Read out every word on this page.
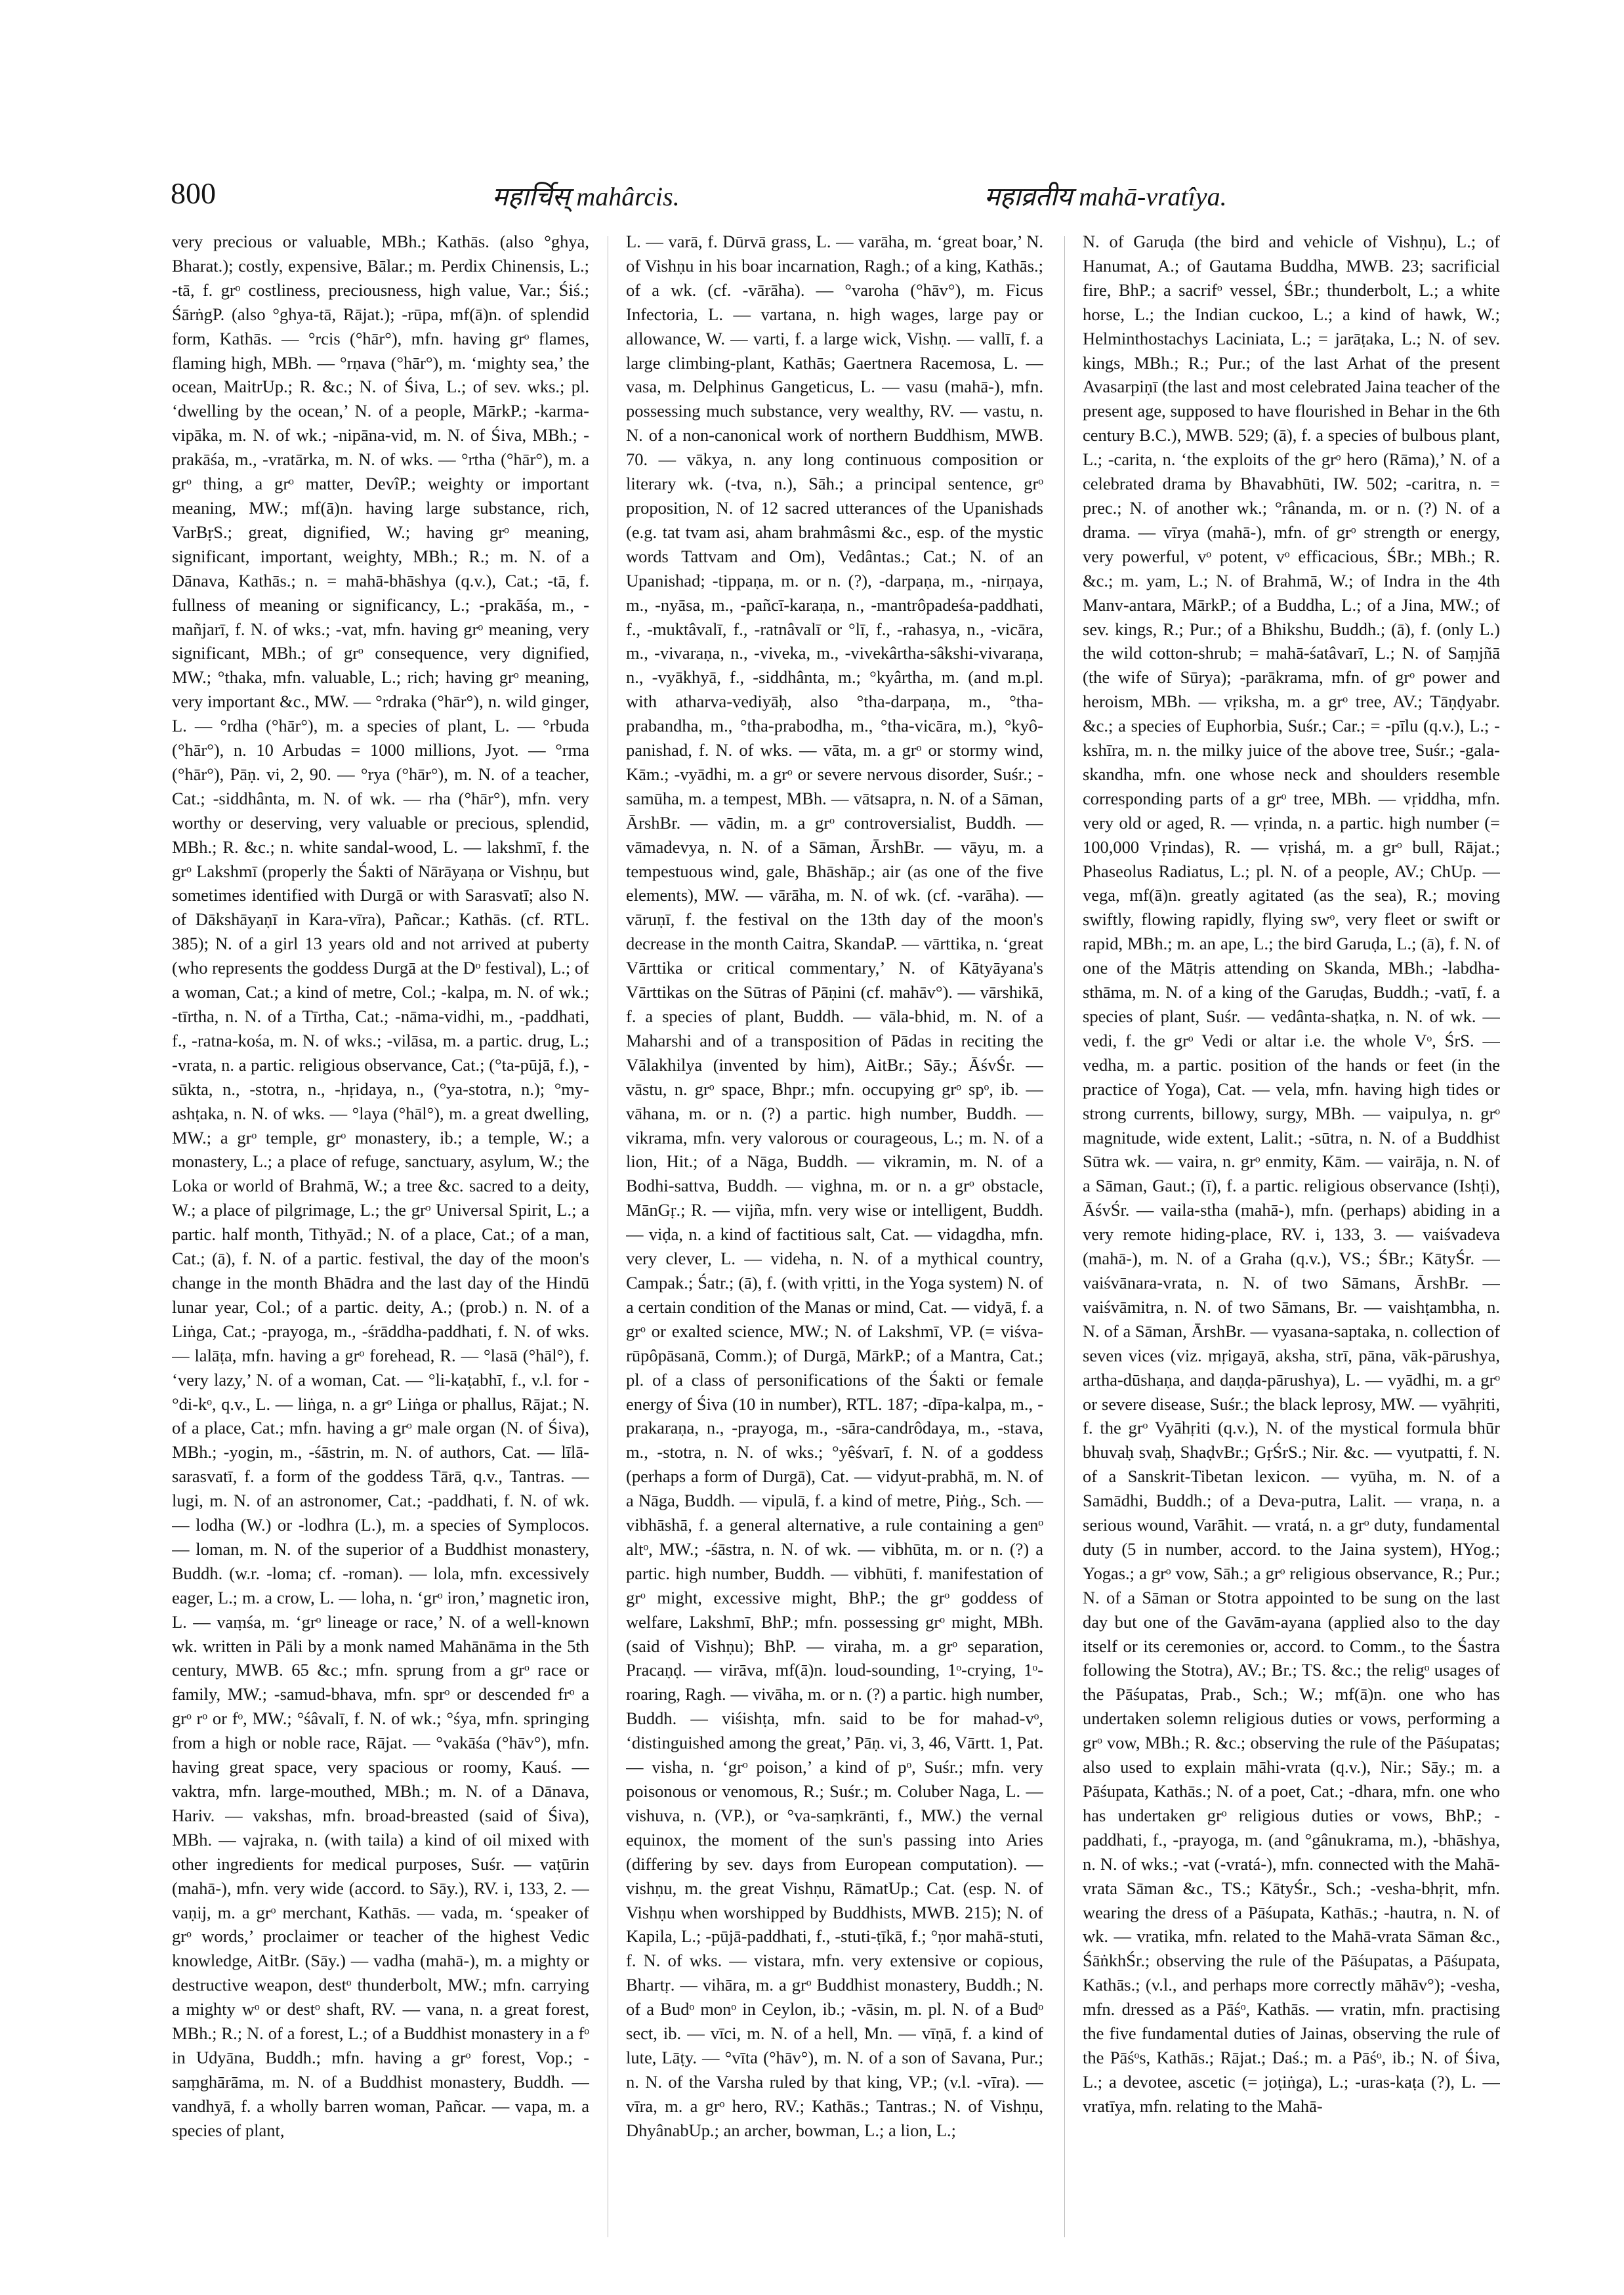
800	महार्चिस् mahârcis.	महाव्रतीय mahā-vratîya.

very precious or valuable, MBh.; Kathās. (also °ghya, Bharat.); costly, expensive, Bālar.; m. Perdix Chinensis, L.; -tā, f. grᵒ costliness, preciousness, high value, Var.; Śiś.; ŚārṅgP. (also °ghya-tā, Rājat.); -rūpa, mf(ā)n. of splendid form, Kathās. — °rcis (°hār°), mfn. having grᵒ flames, flaming high, MBh. — °rṇava (°hār°), m. ‘mighty sea,’ the ocean, MaitrUp.; R. &c.; N. of Śiva, L.; of sev. wks.; pl. ‘dwelling by the ocean,’ N. of a people, MārkP.; -karma-vipāka, m. N. of wk.; -nipāna-vid, m. N. of Śiva, MBh.; -prakāśa, m., -vratārka, m. N. of wks. — °rtha (°hār°), m. a grᵒ thing, a grᵒ matter, DevîP.; weighty or important meaning, MW.; mf(ā)n. having large substance, rich, VarBṛS.; great, dignified, W.; having grᵒ meaning, significant, important, weighty, MBh.; R.; m. N. of a Dānava, Kathās.; n. = mahā-bhāshya (q.v.), Cat.; -tā, f. fullness of meaning or significancy, L.; -prakāśa, m., -mañjarī, f. N. of wks.; -vat, mfn. having grᵒ meaning, very significant, MBh.; of grᵒ consequence, very dignified, MW.; °thaka, mfn. valuable, L.; rich; having grᵒ meaning, very important &c., MW. — °rdraka (°hār°), n. wild ginger, L. — °rdha (°hār°), m. a species of plant, L. — °rbuda (°hār°), n. 10 Arbudas = 1000 millions, Jyot. — °rma (°hār°), Pāṇ. vi, 2, 90. — °rya (°hār°), m. N. of a teacher, Cat.; -siddhânta, m. N. of wk. — rha (°hār°), mfn. very worthy or deserving, very valuable or precious, splendid, MBh.; R. &c.; n. white sandal-wood, L. — lakshmī, f. the grᵒ Lakshmī (properly the Śakti of Nārāyaṇa or Vishṇu, but sometimes identified with Durgā or with Sarasvatī; also N. of Dākshāyaṇī in Kara-vīra), Pañcar.; Kathās. (cf. RTL. 385); N. of a girl 13 years old and not arrived at puberty (who represents the goddess Durgā at the Dᵒ festival), L.; of a woman, Cat.; a kind of metre, Col.; -kalpa, m. N. of wk.; -tīrtha, n. N. of a Tīrtha, Cat.; -nāma-vidhi, m., -paddhati, f., -ratna-kośa, m. N. of wks.; -vilāsa, m. a partic. drug, L.; -vrata, n. a partic. religious observance, Cat.; (°ta-pūjā, f.), -sūkta, n., -stotra, n., -hṛidaya, n., (°ya-stotra, n.); °my-ashṭaka, n. N. of wks. — °laya (°hāl°), m. a great dwelling, MW.; a grᵒ temple, grᵒ monastery, ib.; a temple, W.; a monastery, L.; a place of refuge, sanctuary, asylum, W.; the Loka or world of Brahmā, W.; a tree &c. sacred to a deity, W.; a place of pilgrimage, L.; the grᵒ Universal Spirit, L.; a partic. half month, Tithyād.; N. of a place, Cat.; of a man, Cat.; (ā), f. N. of a partic. festival, the day of the moon's change in the month Bhādra and the last day of the Hindū lunar year, Col.; of a partic. deity, A.; (prob.) n. N. of a Liṅga, Cat.; -prayoga, m., -śrāddha-paddhati, f. N. of wks. — lalāṭa, mfn. having a grᵒ forehead, R. — °lasā (°hāl°), f. ‘very lazy,’ N. of a woman, Cat. — °li-kaṭabhī, f., v.l. for -°di-kᵒ, q.v., L. — liṅga, n. a grᵒ Liṅga or phallus, Rājat.; N. of a place, Cat.; mfn. having a grᵒ male organ (N. of Śiva), MBh.; -yogin, m., -śāstrin, m. N. of authors, Cat. — līlā-sarasvatī, f. a form of the goddess Tārā, q.v., Tantras. — lugi, m. N. of an astronomer, Cat.; -paddhati, f. N. of wk. — lodha (W.) or -lodhra (L.), m. a species of Symplocos. — loman, m. N. of the superior of a Buddhist monastery, Buddh. (w.r. -loma; cf. -roman). — lola, mfn. excessively eager, L.; m. a crow, L. — loha, n. ‘grᵒ iron,’ magnetic iron, L. — vaṃśa, m. ‘grᵒ lineage or race,’ N. of a well-known wk. written in Pāli by a monk named Mahānāma in the 5th century, MWB. 65 &c.; mfn. sprung from a grᵒ race or family, MW.; -samud-bhava, mfn. sprᵒ or descended frᵒ a grᵒ rᵒ or fᵒ, MW.; °śâvalī, f. N. of wk.; °śya, mfn. springing from a high or noble race, Rājat. — °vakāśa (°hāv°), mfn. having great space, very spacious or roomy, Kauś. — vaktra, mfn. large-mouthed, MBh.; m. N. of a Dānava, Hariv. — vakshas, mfn. broad-breasted (said of Śiva), MBh. — vajraka, n. (with taila) a kind of oil mixed with other ingredients for medical purposes, Suśr. — vaṭūrin (mahā-), mfn. very wide (accord. to Sāy.), RV. i, 133, 2. — vaṇij, m. a grᵒ merchant, Kathās. — vada, m. ‘speaker of grᵒ words,’ proclaimer or teacher of the highest Vedic knowledge, AitBr. (Sāy.) — vadha (mahā-), m. a mighty or destructive weapon, destᵒ thunderbolt, MW.; mfn. carrying a mighty wᵒ or destᵒ shaft, RV. — vana, n. a great forest, MBh.; R.; N. of a forest, L.; of a Buddhist monastery in a fᵒ in Udyāna, Buddh.; mfn. having a grᵒ forest, Vop.; -saṃghārāma, m. N. of a Buddhist monastery, Buddh. — vandhyā, f. a wholly barren woman, Pañcar. — vapa, m. a species of plant,

L. — varā, f. Dūrvā grass, L. — varāha, m. ‘great boar,’ N. of Vishṇu in his boar incarnation, Ragh.; of a king, Kathās.; of a wk. (cf. -vārāha). — °varoha (°hāv°), m. Ficus Infectoria, L. — vartana, n. high wages, large pay or allowance, W. — varti, f. a large wick, Vishṇ. — vallī, f. a large climbing-plant, Kathās; Gaertnera Racemosa, L. — vasa, m. Delphinus Gangeticus, L. — vasu (mahā-), mfn. possessing much substance, very wealthy, RV. — vastu, n. N. of a non-canonical work of northern Buddhism, MWB. 70. — vākya, n. any long continuous composition or literary wk. (-tva, n.), Sāh.; a principal sentence, grᵒ proposition, N. of 12 sacred utterances of the Upanishads (e.g. tat tvam asi, aham brahmâsmi &c., esp. of the mystic words Tattvam and Om), Vedântas.; Cat.; N. of an Upanishad; -tippaṇa, m. or n. (?), -darpaṇa, m., -nirṇaya, m., -nyāsa, m., -pañcī-karaṇa, n., -mantrôpadeśa-paddhati, f., -muktâvalī, f., -ratnâvalī or °lī, f., -rahasya, n., -vicāra, m., -vivaraṇa, n., -viveka, m., -vivekârtha-sâkshi-vivaraṇa, n., -vyākhyā, f., -siddhânta, m.; °kyârtha, m. (and m.pl. with atharva-vediyāḥ, also °tha-darpaṇa, m., °tha-prabandha, m., °tha-prabodha, m., °tha-vicāra, m.), °kyô-panishad, f. N. of wks. — vāta, m. a grᵒ or stormy wind, Kām.; -vyādhi, m. a grᵒ or severe nervous disorder, Suśr.; -samūha, m. a tempest, MBh. — vātsapra, n. N. of a Sāman, ĀrshBr. — vādin, m. a grᵒ controversialist, Buddh. — vāmadevya, n. N. of a Sāman, ĀrshBr. — vāyu, m. a tempestuous wind, gale, Bhāshāp.; air (as one of the five elements), MW. — vārāha, m. N. of wk. (cf. -varāha). — vāruṇī, f. the festival on the 13th day of the moon's decrease in the month Caitra, SkandaP. — vārttika, n. ‘great Vārttika or critical commentary,’ N. of Kātyāyana's Vārttikas on the Sūtras of Pāṇini (cf. mahāv°). — vārshikā, f. a species of plant, Buddh. — vāla-bhid, m. N. of a Maharshi and of a transposition of Pādas in reciting the Vālakhilya (invented by him), AitBr.; Sāy.; ĀśvŚr. — vāstu, n. grᵒ space, Bhpr.; mfn. occupying grᵒ spᵒ, ib. — vāhana, m. or n. (?) a partic. high number, Buddh. — vikrama, mfn. very valorous or courageous, L.; m. N. of a lion, Hit.; of a Nāga, Buddh. — vikramin, m. N. of a Bodhi-sattva, Buddh. — vighna, m. or n. a grᵒ obstacle, MānGṛ.; R. — vijña, mfn. very wise or intelligent, Buddh. — viḍa, n. a kind of factitious salt, Cat. — vidagdha, mfn. very clever, L. — videha, n. N. of a mythical country, Campak.; Śatr.; (ā), f. (with vṛitti, in the Yoga system) N. of a certain condition of the Manas or mind, Cat. — vidyā, f. a grᵒ or exalted science, MW.; N. of Lakshmī, VP. (= viśva-rūpôpāsanā, Comm.); of Durgā, MārkP.; of a Mantra, Cat.; pl. of a class of personifications of the Śakti or female energy of Śiva (10 in number), RTL. 187; -dīpa-kalpa, m., -prakaraṇa, n., -prayoga, m., -sāra-candrôdaya, m., -stava, m., -stotra, n. N. of wks.; °yêśvarī, f. N. of a goddess (perhaps a form of Durgā), Cat. — vidyut-prabhā, m. N. of a Nāga, Buddh. — vipulā, f. a kind of metre, Piṅg., Sch. — vibhāshā, f. a general alternative, a rule containing a genᵒ altᵒ, MW.; -śāstra, n. N. of wk. — vibhūta, m. or n. (?) a partic. high number, Buddh. — vibhūti, f. manifestation of grᵒ might, excessive might, BhP.; the grᵒ goddess of welfare, Lakshmī, BhP.; mfn. possessing grᵒ might, MBh. (said of Vishṇu); BhP. — viraha, m. a grᵒ separation, Pracaṇḍ. — virāva, mf(ā)n. loud-sounding, 1ᵒ-crying, 1ᵒ-roaring, Ragh. — vivāha, m. or n. (?) a partic. high number, Buddh. — viśishṭa, mfn. said to be for mahad-vᵒ, ‘distinguished among the great,’ Pāṇ. vi, 3, 46, Vārtt. 1, Pat. — visha, n. ‘grᵒ poison,’ a kind of pᵒ, Suśr.; mfn. very poisonous or venomous, R.; Suśr.; m. Coluber Naga, L. — vishuva, n. (VP.), or °va-saṃkrānti, f., MW.) the vernal equinox, the moment of the sun's passing into Aries (differing by sev. days from European computation). — vishṇu, m. the great Vishṇu, RāmatUp.; Cat. (esp. N. of Vishṇu when worshipped by Buddhists, MWB. 215); N. of Kapila, L.; -pūjā-paddhati, f., -stuti-ṭīkā, f.; °ṇor mahā-stuti, f. N. of wks. — vistara, mfn. very extensive or copious, Bhartṛ. — vihāra, m. a grᵒ Buddhist monastery, Buddh.; N. of a Budᵒ monᵒ in Ceylon, ib.; -vāsin, m. pl. N. of a Budᵒ sect, ib. — vīci, m. N. of a hell, Mn. — vīṇā, f. a kind of lute, Lāṭy. — °vīta (°hāv°), m. N. of a son of Savana, Pur.; n. N. of the Varsha ruled by that king, VP.; (v.l. -vīra). — vīra, m. a grᵒ hero, RV.; Kathās.; Tantras.; N. of Vishṇu, DhyânabUp.; an archer, bowman, L.; a lion, L.;

N. of Garuḍa (the bird and vehicle of Vishṇu), L.; of Hanumat, A.; of Gautama Buddha, MWB. 23; sacrificial fire, BhP.; a sacrifᵒ vessel, ŚBr.; thunderbolt, L.; a white horse, L.; the Indian cuckoo, L.; a kind of hawk, W.; Helminthostachys Laciniata, L.; = jarāṭaka, L.; N. of sev. kings, MBh.; R.; Pur.; of the last Arhat of the present Avasarpiṇī (the last and most celebrated Jaina teacher of the present age, supposed to have flourished in Behar in the 6th century B.C.), MWB. 529; (ā), f. a species of bulbous plant, L.; -carita, n. ‘the exploits of the grᵒ hero (Rāma),’ N. of a celebrated drama by Bhavabhūti, IW. 502; -caritra, n. = prec.; N. of another wk.; °rânanda, m. or n. (?) N. of a drama. — vīrya (mahā-), mfn. of grᵒ strength or energy, very powerful, vᵒ potent, vᵒ efficacious, ŚBr.; MBh.; R. &c.; m. yam, L.; N. of Brahmā, W.; of Indra in the 4th Manv-antara, MārkP.; of a Buddha, L.; of a Jina, MW.; of sev. kings, R.; Pur.; of a Bhikshu, Buddh.; (ā), f. (only L.) the wild cotton-shrub; = mahā-śatâvarī, L.; N. of Saṃjñā (the wife of Sūrya); -parākrama, mfn. of grᵒ power and heroism, MBh. — vṛiksha, m. a grᵒ tree, AV.; Tāṇḍyabr. &c.; a species of Euphorbia, Suśr.; Car.; = -pīlu (q.v.), L.; -kshīra, m. n. the milky juice of the above tree, Suśr.; -gala-skandha, mfn. one whose neck and shoulders resemble corresponding parts of a grᵒ tree, MBh. — vṛiddha, mfn. very old or aged, R. — vṛinda, n. a partic. high number (= 100,000 Vṛindas), R. — vṛishá, m. a grᵒ bull, Rājat.; Phaseolus Radiatus, L.; pl. N. of a people, AV.; ChUp. — vega, mf(ā)n. greatly agitated (as the sea), R.; moving swiftly, flowing rapidly, flying swᵒ, very fleet or swift or rapid, MBh.; m. an ape, L.; the bird Garuḍa, L.; (ā), f. N. of one of the Mātṛis attending on Skanda, MBh.; -labdha-sthāma, m. N. of a king of the Garuḍas, Buddh.; -vatī, f. a species of plant, Suśr. — vedânta-shaṭka, n. N. of wk. — vedi, f. the grᵒ Vedi or altar i.e. the whole Vᵒ, ŚrS. — vedha, m. a partic. position of the hands or feet (in the practice of Yoga), Cat. — vela, mfn. having high tides or strong currents, billowy, surgy, MBh. — vaipulya, n. grᵒ magnitude, wide extent, Lalit.; -sūtra, n. N. of a Buddhist Sūtra wk. — vaira, n. grᵒ enmity, Kām. — vairāja, n. N. of a Sāman, Gaut.; (ī), f. a partic. religious observance (Ishṭi), ĀśvŚr. — vaila-stha (mahā-), mfn. (perhaps) abiding in a very remote hiding-place, RV. i, 133, 3. — vaiśvadeva (mahā-), m. N. of a Graha (q.v.), VS.; ŚBr.; KātyŚr. — vaiśvānara-vrata, n. N. of two Sāmans, ĀrshBr. — vaiśvāmitra, n. N. of two Sāmans, Br. — vaishṭambha, n. N. of a Sāman, ĀrshBr. — vyasana-saptaka, n. collection of seven vices (viz. mṛigayā, aksha, strī, pāna, vāk-pārushya, artha-dūshaṇa, and daṇḍa-pārushya), L. — vyādhi, m. a grᵒ or severe disease, Suśr.; the black leprosy, MW. — vyāhṛiti, f. the grᵒ Vyāhṛiti (q.v.), N. of the mystical formula bhūr bhuvaḥ svaḥ, ShaḍvBr.; GṛŚrS.; Nir. &c. — vyutpatti, f. N. of a Sanskrit-Tibetan lexicon. — vyūha, m. N. of a Samādhi, Buddh.; of a Deva-putra, Lalit. — vraṇa, n. a serious wound, Varāhit. — vratá, n. a grᵒ duty, fundamental duty (5 in number, accord. to the Jaina system), HYog.; Yogas.; a grᵒ vow, Sāh.; a grᵒ religious observance, R.; Pur.; N. of a Sāman or Stotra appointed to be sung on the last day but one of the Gavām-ayana (applied also to the day itself or its ceremonies or, accord. to Comm., to the Śastra following the Stotra), AV.; Br.; TS. &c.; the religᵒ usages of the Pāśupatas, Prab., Sch.; W.; mf(ā)n. one who has undertaken solemn religious duties or vows, performing a grᵒ vow, MBh.; R. &c.; observing the rule of the Pāśupatas; also used to explain māhi-vrata (q.v.), Nir.; Sāy.; m. a Pāśupata, Kathās.; N. of a poet, Cat.; -dhara, mfn. one who has undertaken grᵒ religious duties or vows, BhP.; -paddhati, f., -prayoga, m. (and °gânukrama, m.), -bhāshya, n. N. of wks.; -vat (-vratá-), mfn. connected with the Mahā-vrata Sāman &c., TS.; KātyŚr., Sch.; -vesha-bhṛit, mfn. wearing the dress of a Pāśupata, Kathās.; -hautra, n. N. of wk. — vratika, mfn. related to the Mahā-vrata Sāman &c., ŚāṅkhŚr.; observing the rule of the Pāśupatas, a Pāśupata, Kathās.; (v.l., and perhaps more correctly māhāv°); -vesha, mfn. dressed as a Pāśᵒ, Kathās. — vratin, mfn. practising the five fundamental duties of Jainas, observing the rule of the Pāśᵒs, Kathās.; Rājat.; Daś.; m. a Pāśᵒ, ib.; N. of Śiva, L.; a devotee, ascetic (= joṭiṅga), L.; -uras-kaṭa (?), L. — vratīya, mfn. relating to the Mahā-
